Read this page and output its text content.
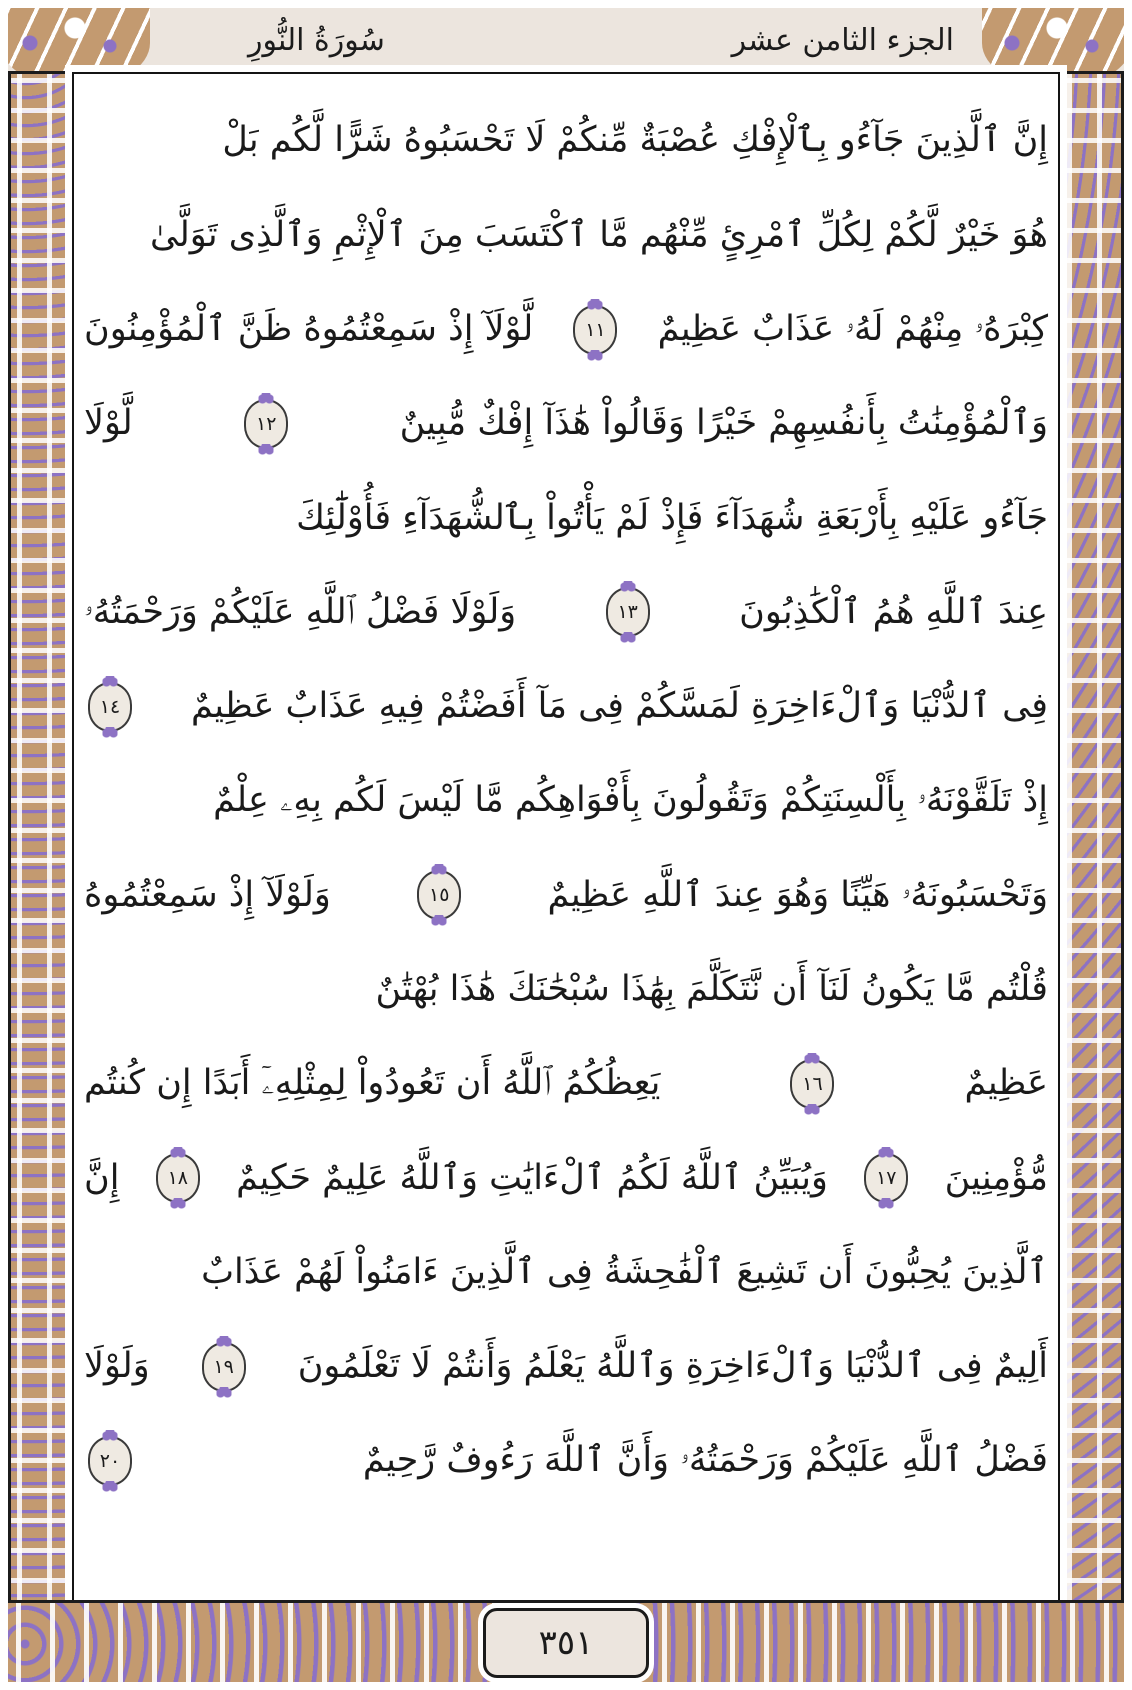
الجزء الثامن عشر
سُورَةُ النُّورِ
إِنَّ ٱلَّذِينَ جَآءُو بِٱلْإِفْكِ عُصْبَةٌ مِّنكُمْ لَا تَحْسَبُوهُ شَرًّا لَّكُم بَلْ
هُوَ خَيْرٌ لَّكُمْ لِكُلِّ ٱمْرِئٍ مِّنْهُم مَّا ٱكْتَسَبَ مِنَ ٱلْإِثْمِ وَٱلَّذِى تَوَلَّىٰ
كِبْرَهُۥ مِنْهُمْ لَهُۥ عَذَابٌ عَظِيمٌ
١١
لَّوْلَآ إِذْ سَمِعْتُمُوهُ ظَنَّ ٱلْمُؤْمِنُونَ
وَٱلْمُؤْمِنَٰتُ بِأَنفُسِهِمْ خَيْرًا وَقَالُواْ هَٰذَآ إِفْكٌ مُّبِينٌ
١٢
لَّوْلَا
جَآءُو عَلَيْهِ بِأَرْبَعَةِ شُهَدَآءَ فَإِذْ لَمْ يَأْتُواْ بِٱلشُّهَدَآءِ فَأُوْلَٰٓئِكَ
عِندَ ٱللَّهِ هُمُ ٱلْكَٰذِبُونَ
١٣
وَلَوْلَا فَضْلُ ٱللَّهِ عَلَيْكُمْ وَرَحْمَتُهُۥ
فِى ٱلدُّنْيَا وَٱلْءَاخِرَةِ لَمَسَّكُمْ فِى مَآ أَفَضْتُمْ فِيهِ عَذَابٌ عَظِيمٌ
١٤
إِذْ تَلَقَّوْنَهُۥ بِأَلْسِنَتِكُمْ وَتَقُولُونَ بِأَفْوَاهِكُم مَّا لَيْسَ لَكُم بِهِۦ عِلْمٌ
وَتَحْسَبُونَهُۥ هَيِّنًا وَهُوَ عِندَ ٱللَّهِ عَظِيمٌ
١٥
وَلَوْلَآ إِذْ سَمِعْتُمُوهُ
قُلْتُم مَّا يَكُونُ لَنَآ أَن نَّتَكَلَّمَ بِهَٰذَا سُبْحَٰنَكَ هَٰذَا بُهْتَٰنٌ
عَظِيمٌ
١٦
يَعِظُكُمُ ٱللَّهُ أَن تَعُودُواْ لِمِثْلِهِۦٓ أَبَدًا إِن كُنتُم
مُّؤْمِنِينَ
١٧
وَيُبَيِّنُ ٱللَّهُ لَكُمُ ٱلْءَايَٰتِ وَٱللَّهُ عَلِيمٌ حَكِيمٌ
١٨
إِنَّ
ٱلَّذِينَ يُحِبُّونَ أَن تَشِيعَ ٱلْفَٰحِشَةُ فِى ٱلَّذِينَ ءَامَنُواْ لَهُمْ عَذَابٌ
أَلِيمٌ فِى ٱلدُّنْيَا وَٱلْءَاخِرَةِ وَٱللَّهُ يَعْلَمُ وَأَنتُمْ لَا تَعْلَمُونَ
١٩
وَلَوْلَا
فَضْلُ ٱللَّهِ عَلَيْكُمْ وَرَحْمَتُهُۥ وَأَنَّ ٱللَّهَ رَءُوفٌ رَّحِيمٌ
٢٠
٣٥١
